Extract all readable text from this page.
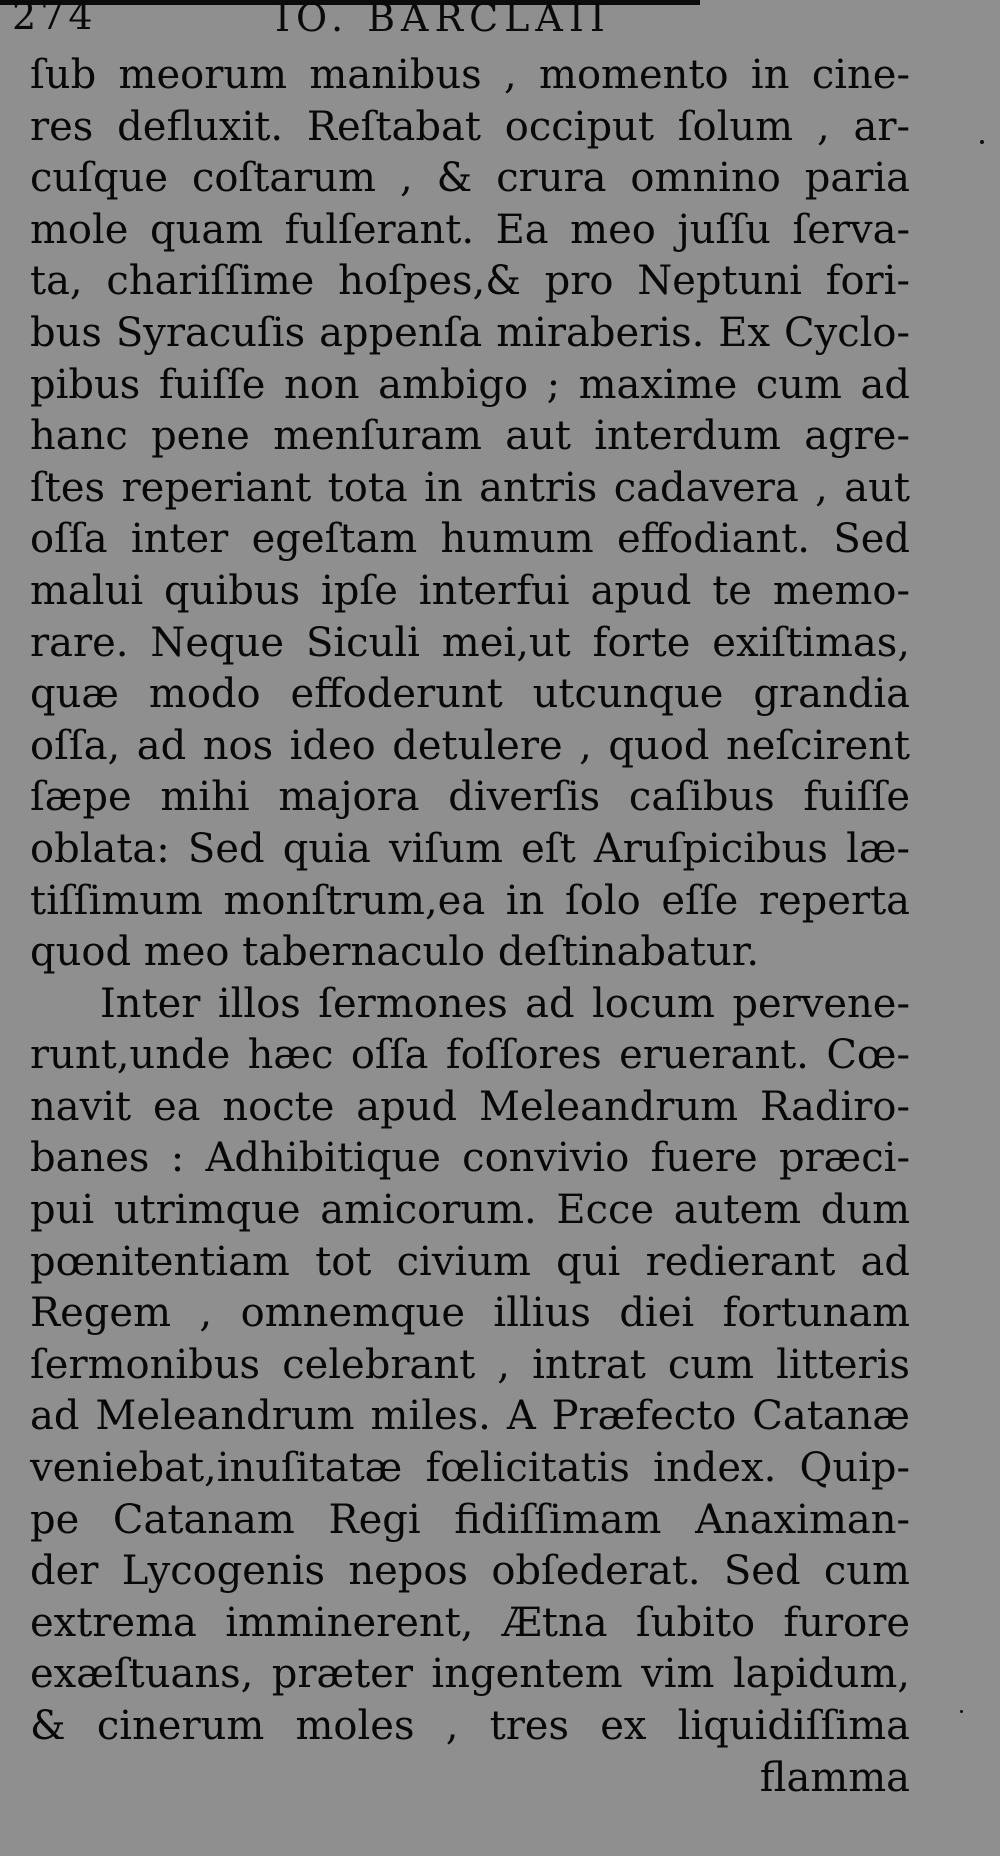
274	IO. BARCLAII
ſub meorum manibus , momento in cine-
res defluxit. Reſtabat occiput ſolum , ar-
cuſque coſtarum , & crura omnino paria
mole quam fulſerant. Ea meo juſſu ſerva-
ta, chariſſime hoſpes,& pro Neptuni fori-
bus Syracuſis appenſa miraberis. Ex Cyclo-
pibus fuiſſe non ambigo ; maxime cum ad
hanc pene menſuram aut interdum agre-
ſtes reperiant tota in antris cadavera , aut
oſſa inter egeſtam humum effodiant. Sed
malui quibus ipſe interfui apud te memo-
rare. Neque Siculi mei,ut forte exiſtimas,
quæ modo effoderunt utcunque grandia
oſſa, ad nos ideo detulere , quod neſcirent
ſæpe mihi majora diverſis caſibus fuiſſe
oblata: Sed quia viſum eſt Aruſpicibus læ-
tiſſimum monſtrum,ea in ſolo eſſe reperta
quod meo tabernaculo deſtinabatur.
Inter illos ſermones ad locum pervene-
runt,unde hæc oſſa foſſores eruerant. Cœ-
navit ea nocte apud Meleandrum Radiro-
banes : Adhibitique convivio fuere præci-
pui utrimque amicorum. Ecce autem dum
pœnitentiam tot civium qui redierant ad
Regem , omnemque illius diei fortunam
ſermonibus celebrant , intrat cum litteris
ad Meleandrum miles. A Præfecto Catanæ
veniebat,inuſitatæ fœlicitatis index. Quip-
pe Catanam Regi fidiſſimam Anaximan-
der Lycogenis nepos obſederat. Sed cum
extrema imminerent, Ætna ſubito furore
exæſtuans, præter ingentem vim lapidum,
& cinerum moles , tres ex liquidiſſima
flamma
